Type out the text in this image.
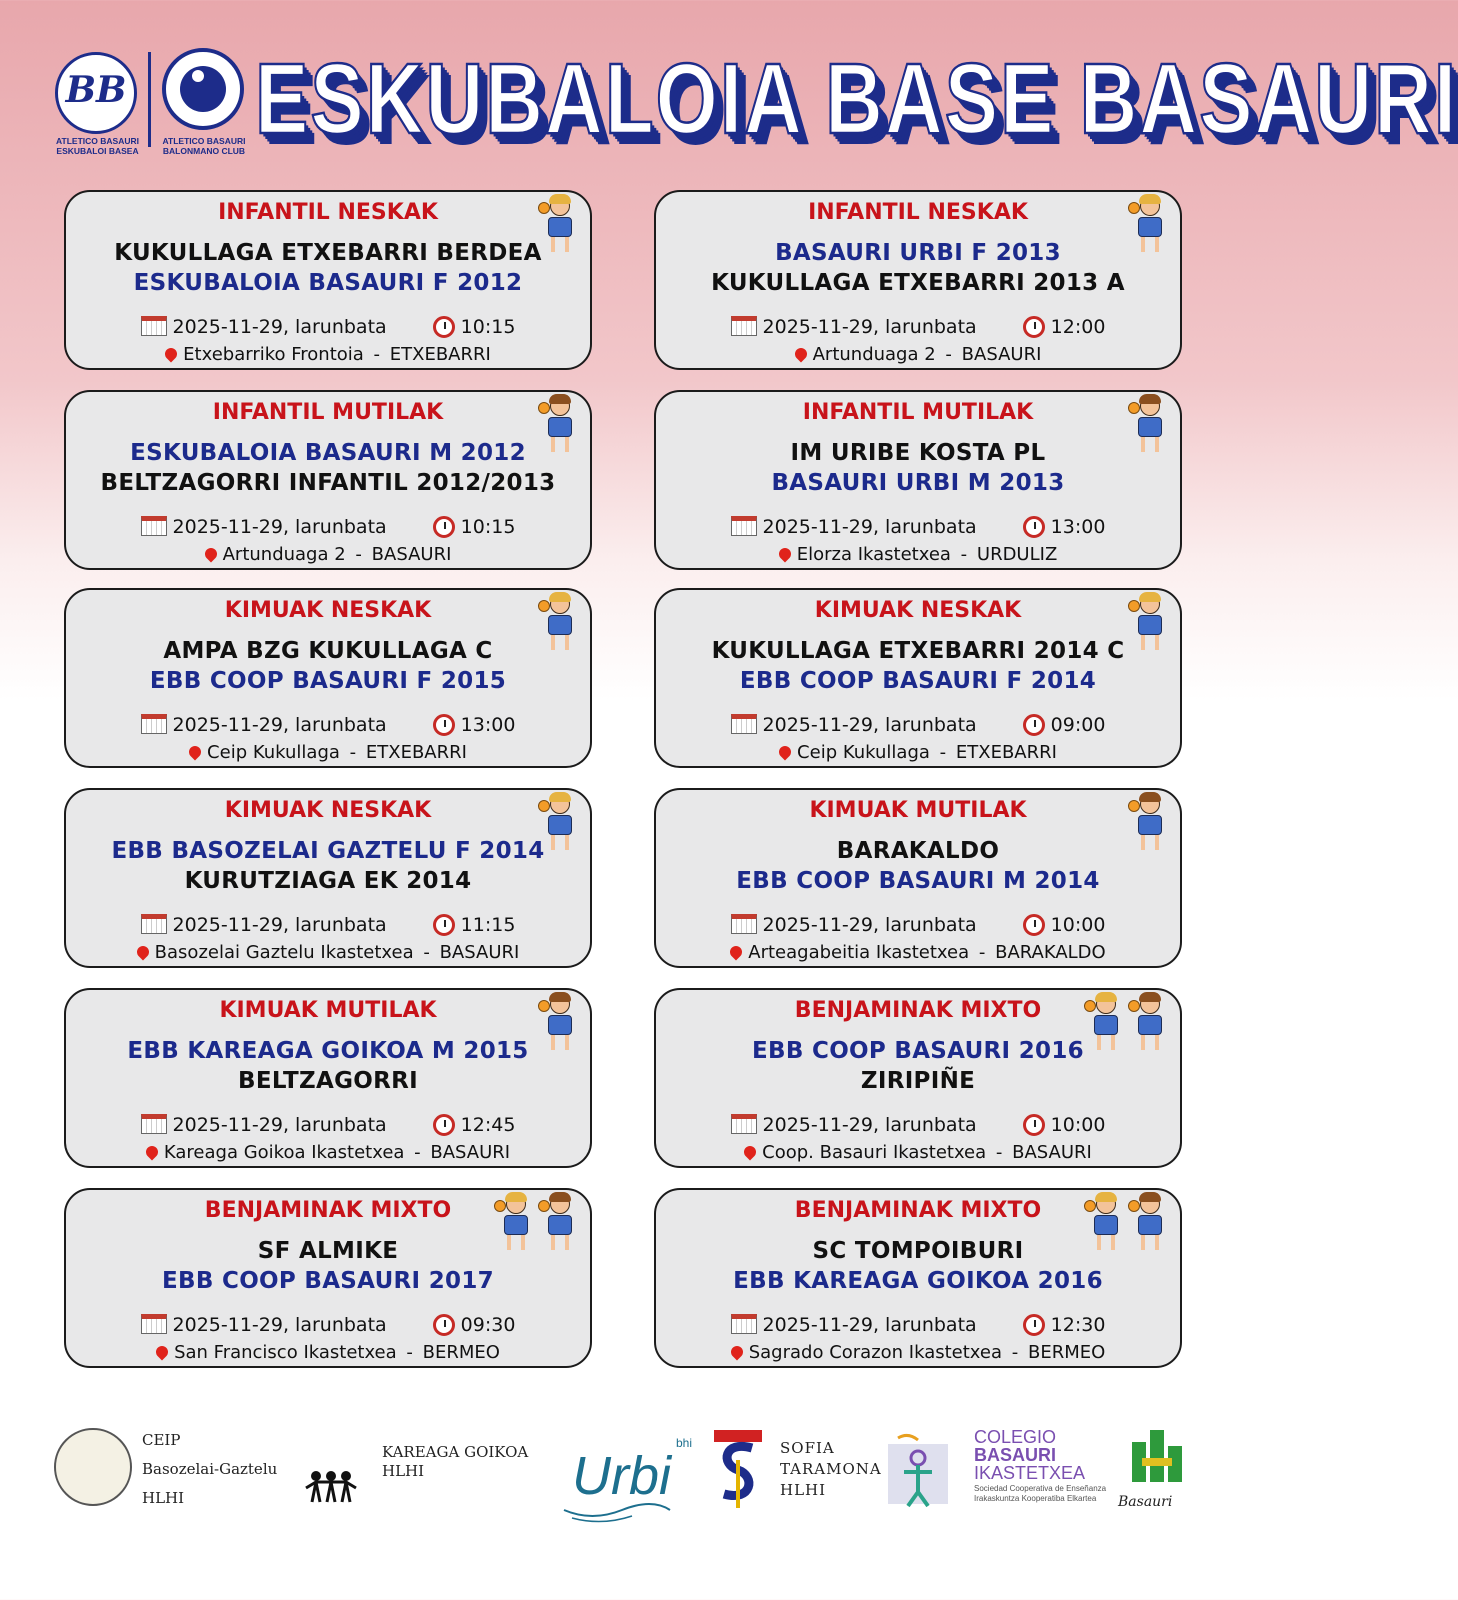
BB
ATLETICO BASAURI
ESKUBALOI BASEA
ATLETICO BASAURI
BALONMANO CLUB ESKUBALOIA BASE BASAURI
INFANTIL NESKAK
KUKULLAGA ETXEBARRI BERDEA
ESKUBALOIA BASAURI F 2012
2025-11-29, larunbata	10:15
Etxebarriko Frontoia - ETXEBARRI
INFANTIL NESKAK
BASAURI URBI F 2013
KUKULLAGA ETXEBARRI 2013 A
2025-11-29, larunbata	12:00
Artunduaga 2 - BASAURI
INFANTIL MUTILAK
ESKUBALOIA BASAURI M 2012
BELTZAGORRI INFANTIL 2012/2013
2025-11-29, larunbata	10:15
Artunduaga 2 - BASAURI
INFANTIL MUTILAK
IM URIBE KOSTA PL
BASAURI URBI M 2013
2025-11-29, larunbata	13:00
Elorza Ikastetxea - URDULIZ
KIMUAK NESKAK
AMPA BZG KUKULLAGA C
EBB COOP BASAURI F 2015
2025-11-29, larunbata	13:00
Ceip Kukullaga - ETXEBARRI
KIMUAK NESKAK
KUKULLAGA ETXEBARRI 2014 C
EBB COOP BASAURI F 2014
2025-11-29, larunbata	09:00
Ceip Kukullaga - ETXEBARRI
KIMUAK NESKAK
EBB BASOZELAI GAZTELU F 2014
KURUTZIAGA EK 2014
2025-11-29, larunbata	11:15
Basozelai Gaztelu Ikastetxea - BASAURI
KIMUAK MUTILAK
BARAKALDO
EBB COOP BASAURI M 2014
2025-11-29, larunbata	10:00
Arteagabeitia Ikastetxea - BARAKALDO
KIMUAK MUTILAK
EBB KAREAGA GOIKOA M 2015
BELTZAGORRI
2025-11-29, larunbata	12:45
Kareaga Goikoa Ikastetxea - BASAURI
BENJAMINAK MIXTO
EBB COOP BASAURI 2016
ZIRIPIÑE
2025-11-29, larunbata	10:00
Coop. Basauri Ikastetxea - BASAURI
BENJAMINAK MIXTO
SF ALMIKE
EBB COOP BASAURI 2017
2025-11-29, larunbata	09:30
San Francisco Ikastetxea - BERMEO
BENJAMINAK MIXTO
SC TOMPOIBURI
EBB KAREAGA GOIKOA 2016
2025-11-29, larunbata	12:30
Sagrado Corazon Ikastetxea - BERMEO
CEIP
Basozelai-Gaztelu
HLHI
KAREAGA GOIKOA
HLHI	Urbi
bhi	SOFIA
TARAMONA
HLHI
COLEGIO
BASAURI
IKASTETXEA
Sociedad Cooperativa de Enseñanza
Irakaskuntza Kooperatiba Elkartea	Basauri
